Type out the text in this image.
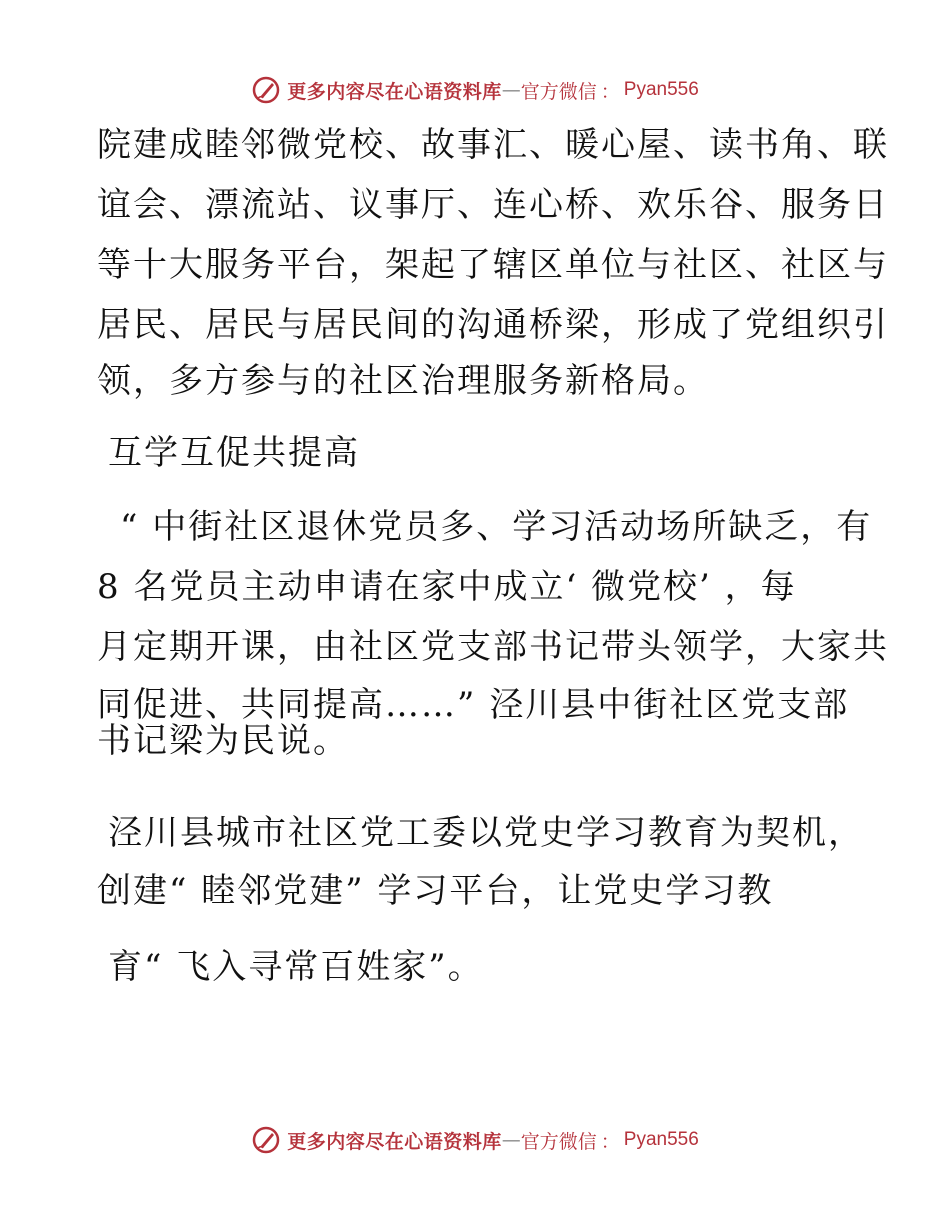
更多内容尽在心语资料库 — 官方微信 ： Pyan556
院建成睦邻微党校、故事汇、暖心屋、读书角、联
谊会、漂流站、议事厅、连心桥、欢乐谷、服务日
等十大服务平台，架起了辖区单位与社区、社区与
居民、居民与居民间的沟通桥梁，形成了党组织引
领，多方参与的社区治理服务新格局。
互学互促共提高
“ 中街社区退休党员多、学习活动场所缺乏，有
8 名党员主动申请在家中成立‘ 微党校’ ，每
月定期开课，由社区党支部书记带头领学，大家共
同促进、共同提高……” 泾川县中街社区党支部
书记梁为民说。
泾川县城市社区党工委以党史学习教育为契机，
创建“ 睦邻党建” 学习平台，让党史学习教
育“ 飞入寻常百姓家”。
更多内容尽在心语资料库 — 官方微信 ： Pyan556
